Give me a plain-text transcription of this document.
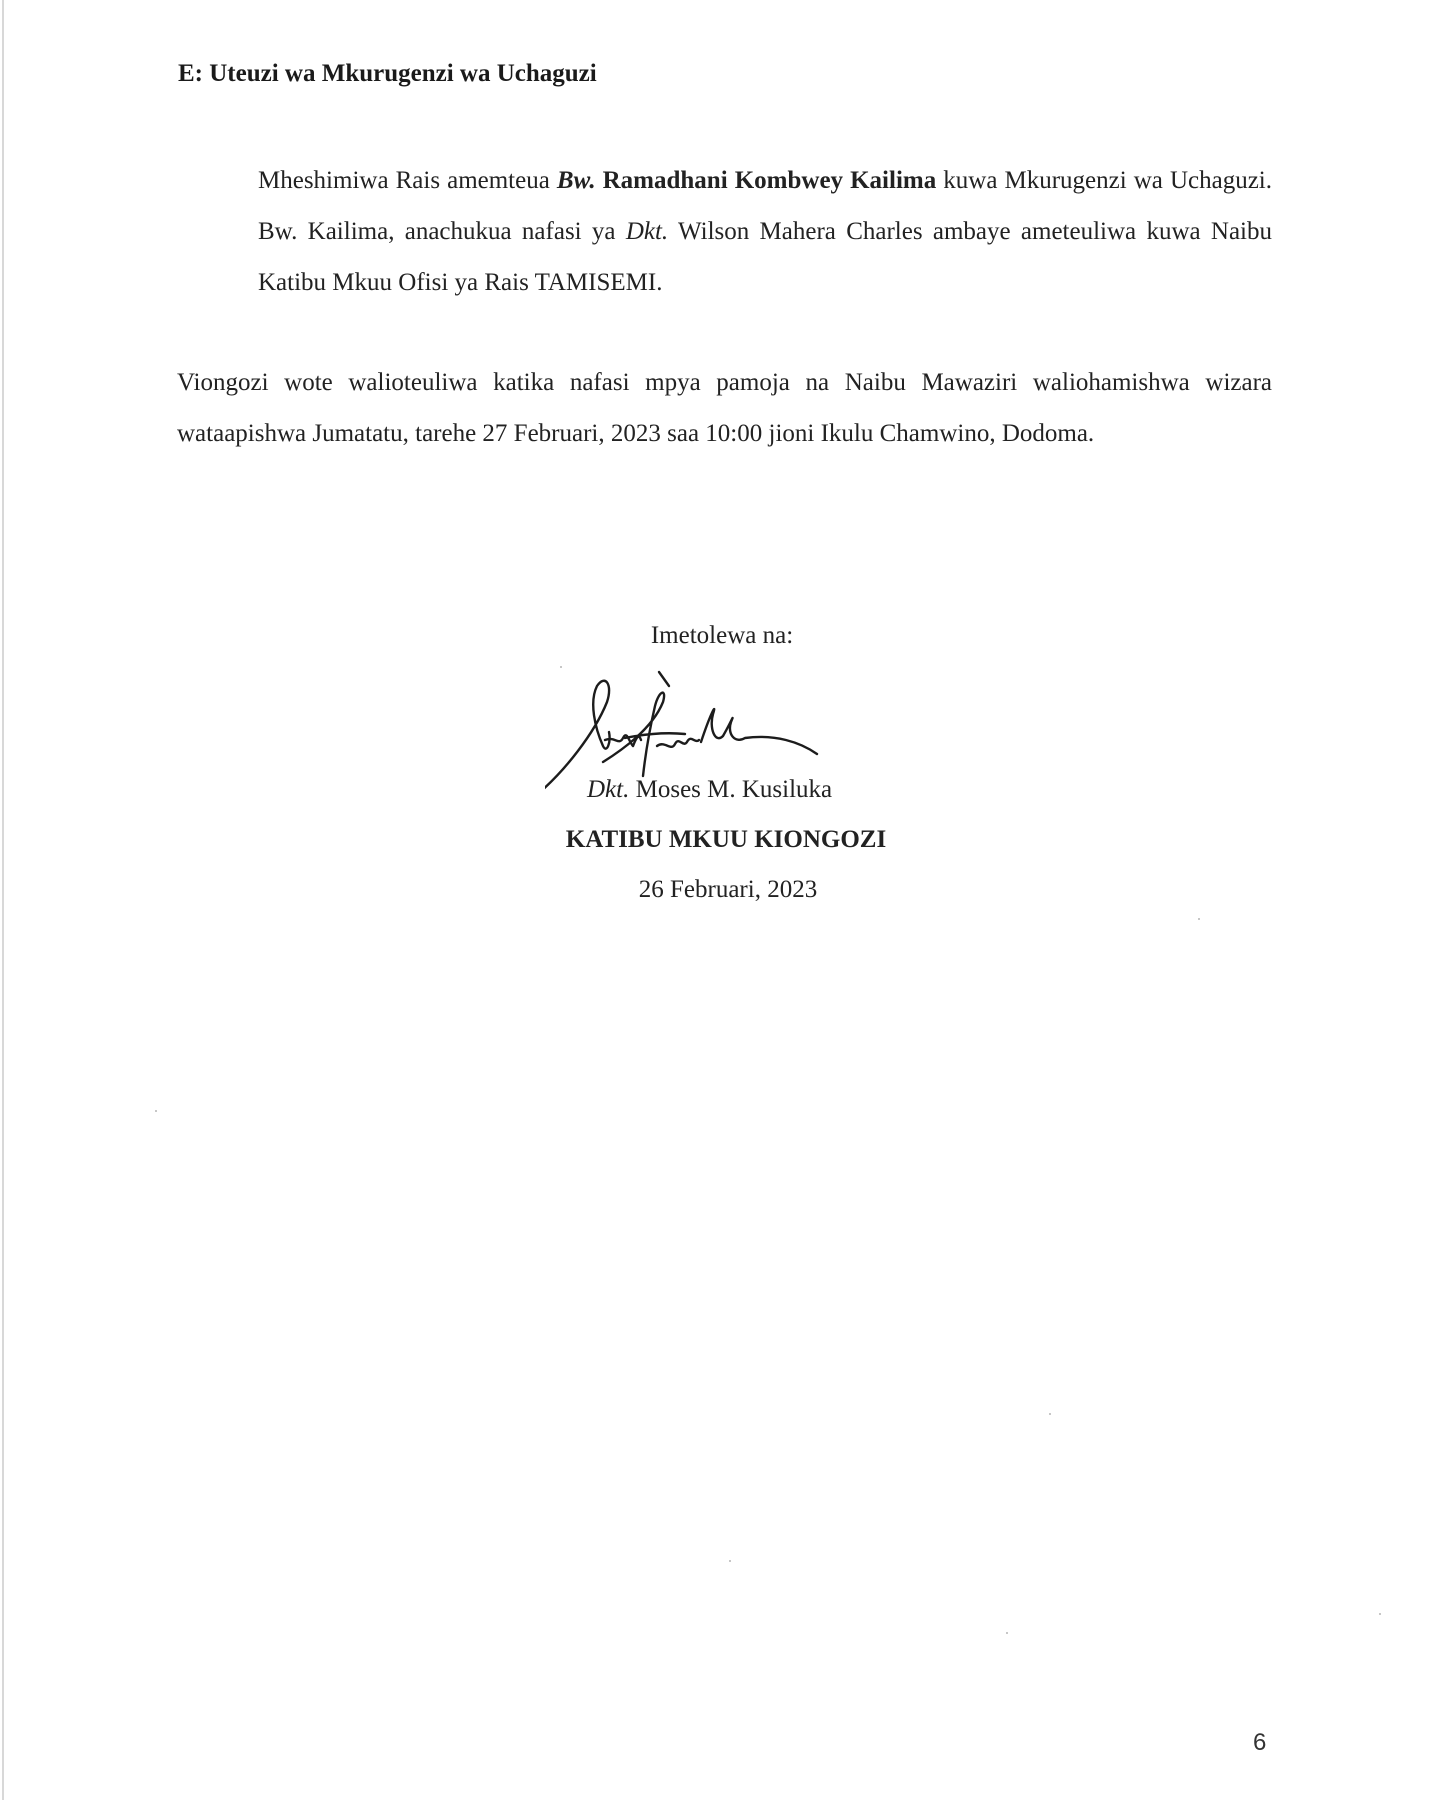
E: Uteuzi wa Mkurugenzi wa Uchaguzi
Mheshimiwa Rais amemteua Bw. Ramadhani Kombwey Kailima kuwa Mkurugenzi wa Uchaguzi. Bw. Kailima, anachukua nafasi ya Dkt. Wilson Mahera Charles ambaye ameteuliwa kuwa Naibu Katibu Mkuu Ofisi ya Rais TAMISEMI.
Viongozi wote walioteuliwa katika nafasi mpya pamoja na Naibu Mawaziri waliohamishwa wizara wataapishwa Jumatatu, tarehe 27 Februari, 2023 saa 10:00 jioni Ikulu Chamwino, Dodoma.
Imetolewa na:
Dkt. Moses M. Kusiluka
KATIBU MKUU KIONGOZI
26 Februari, 2023
6
